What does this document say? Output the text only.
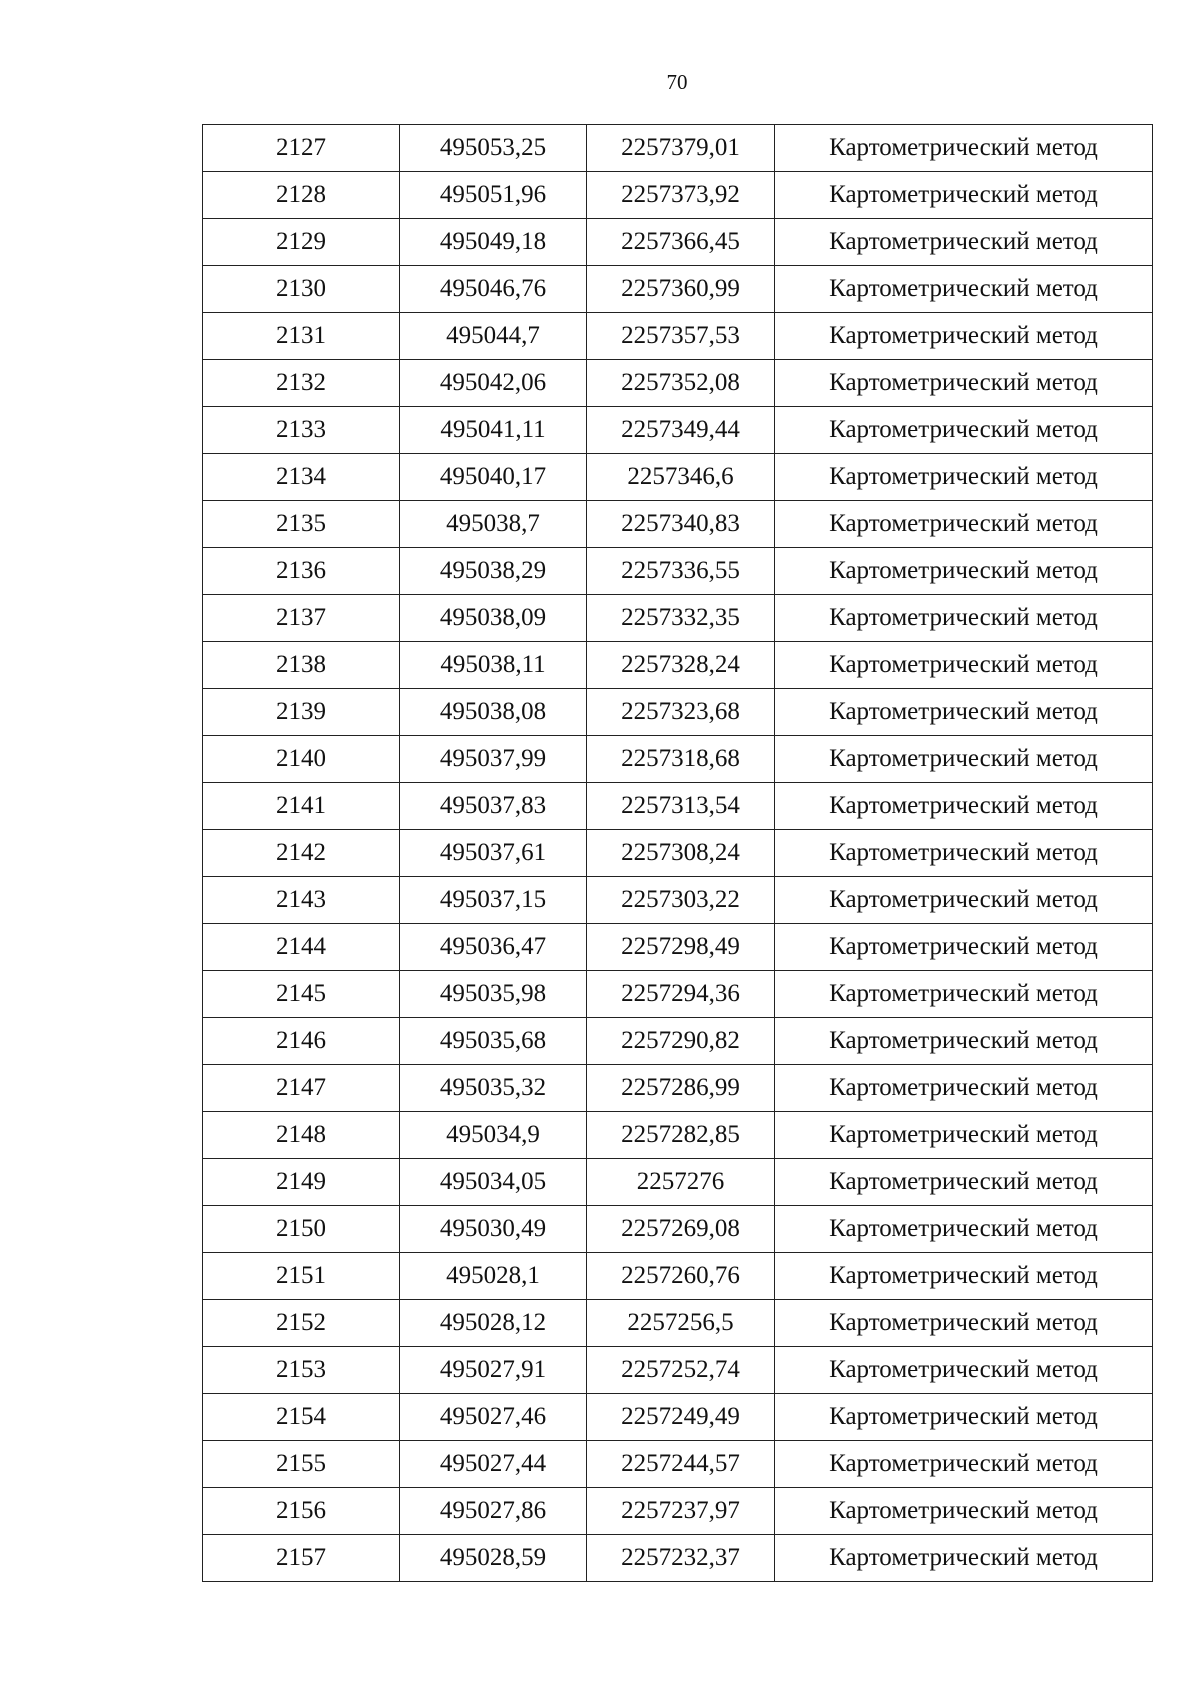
70
2127	495053,25	2257379,01	Картометрический метод
2128	495051,96	2257373,92	Картометрический метод
2129	495049,18	2257366,45	Картометрический метод
2130	495046,76	2257360,99	Картометрический метод
2131	495044,7	2257357,53	Картометрический метод
2132	495042,06	2257352,08	Картометрический метод
2133	495041,11	2257349,44	Картометрический метод
2134	495040,17	2257346,6	Картометрический метод
2135	495038,7	2257340,83	Картометрический метод
2136	495038,29	2257336,55	Картометрический метод
2137	495038,09	2257332,35	Картометрический метод
2138	495038,11	2257328,24	Картометрический метод
2139	495038,08	2257323,68	Картометрический метод
2140	495037,99	2257318,68	Картометрический метод
2141	495037,83	2257313,54	Картометрический метод
2142	495037,61	2257308,24	Картометрический метод
2143	495037,15	2257303,22	Картометрический метод
2144	495036,47	2257298,49	Картометрический метод
2145	495035,98	2257294,36	Картометрический метод
2146	495035,68	2257290,82	Картометрический метод
2147	495035,32	2257286,99	Картометрический метод
2148	495034,9	2257282,85	Картометрический метод
2149	495034,05	2257276	Картометрический метод
2150	495030,49	2257269,08	Картометрический метод
2151	495028,1	2257260,76	Картометрический метод
2152	495028,12	2257256,5	Картометрический метод
2153	495027,91	2257252,74	Картометрический метод
2154	495027,46	2257249,49	Картометрический метод
2155	495027,44	2257244,57	Картометрический метод
2156	495027,86	2257237,97	Картометрический метод
2157	495028,59	2257232,37	Картометрический метод
